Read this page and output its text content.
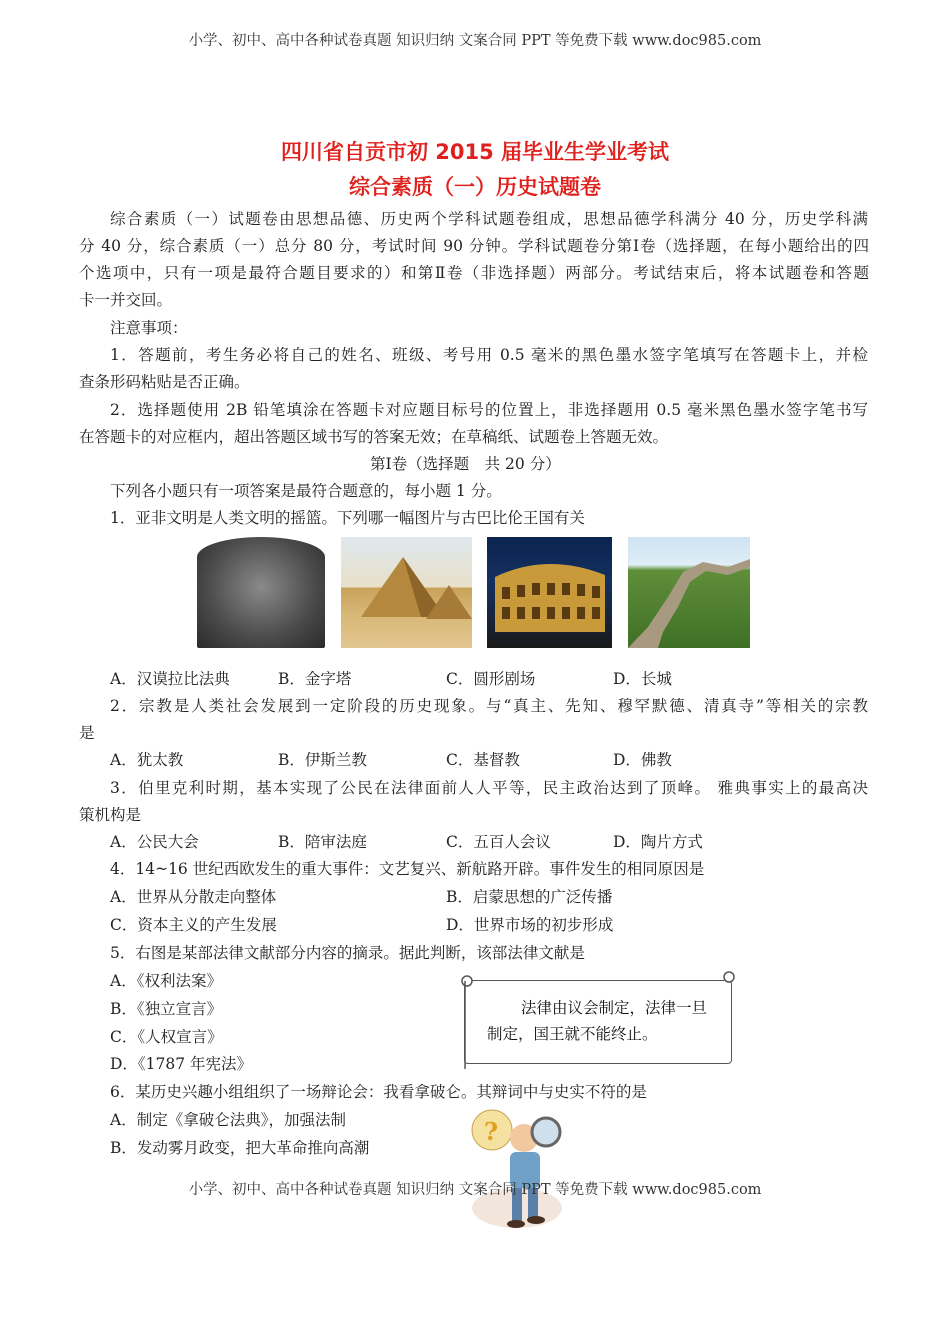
小学、初中、高中各种试卷真题 知识归纳 文案合同 PPT 等免费下载 www.doc985.com
四川省自贡市初 2015 届毕业生学业考试
综合素质（一）历史试题卷
综合素质（一）试题卷由思想品德、历史两个学科试题卷组成，思想品德学科满分 40 分，历史学科满
分 40 分，综合素质（一）总分 80 分，考试时间 90 分钟。学科试题卷分第Ⅰ卷（选择题，在每小题给出的四
个选项中，只有一项是最符合题目要求的）和第Ⅱ卷（非选择题）两部分。考试结束后，将本试题卷和答题
卡一并交回。
注意事项：
1．答题前，考生务必将自己的姓名、班级、考号用 0.5 毫米的黑色墨水签字笔填写在答题卡上，并检
查条形码粘贴是否正确。
2．选择题使用 2B 铅笔填涂在答题卡对应题目标号的位置上，非选择题用 0.5 毫米黑色墨水签字笔书写
在答题卡的对应框内，超出答题区域书写的答案无效；在草稿纸、试题卷上答题无效。
第Ⅰ卷（选择题　共 20 分）
下列各小题只有一项答案是最符合题意的，每小题 1 分。
1．亚非文明是人类文明的摇篮。下列哪一幅图片与古巴比伦王国有关
A．汉谟拉比法典	B．金字塔	C．圆形剧场	D．长城
2．宗教是人类社会发展到一定阶段的历史现象。与“真主、先知、穆罕默德、清真寺”等相关的宗教
是
A．犹太教	B．伊斯兰教	C．基督教	D．佛教
3．伯里克利时期，基本实现了公民在法律面前人人平等，民主政治达到了顶峰。 雅典事实上的最高决
策机构是
A．公民大会	B．陪审法庭	C．五百人会议	D．陶片方式
4．14~16 世纪西欧发生的重大事件：文艺复兴、新航路开辟。事件发生的相同原因是
A．世界从分散走向整体	B．启蒙思想的广泛传播
C．资本主义的产生发展	D．世界市场的初步形成
5．右图是某部法律文献部分内容的摘录。据此判断，该部法律文献是
A．《权利法案》
B．《独立宣言》
C．《人权宣言》
D．《1787 年宪法》
法律由议会制定，法律一旦制定，国王就不能终止。
6．某历史兴趣小组组织了一场辩论会：我看拿破仑。其辩词中与史实不符的是
A．制定《拿破仑法典》，加强法制
B．发动雾月政变，把大革命推向高潮
?
小学、初中、高中各种试卷真题 知识归纳 文案合同 PPT 等免费下载 www.doc985.com
